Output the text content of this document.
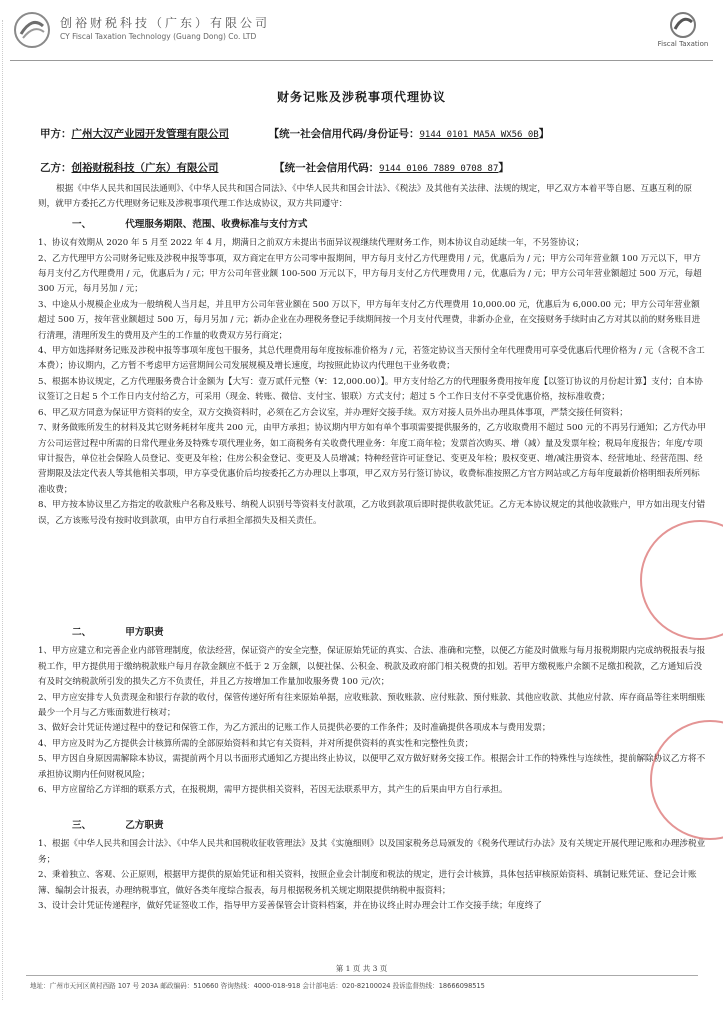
创裕财税科技（广东）有限公司
CY Fiscal Taxation Technology (Guang Dong) Co. LTD
Fiscal Taxation
财务记账及涉税事项代理协议
甲方：广州大汉产业园开发管理有限公司	【统一社会信用代码/身份证号：9144 0101 MA5A WX56 0B】
乙方：创裕财税科技（广东）有限公司	【统一社会信用代码：9144 0106 7889 0708 87】

根据《中华人民共和国民法通则》、《中华人民共和国合同法》、《中华人民共和国会计法》、《税法》及其他有关法律、法规的规定，甲乙双方本着平等自愿、互惠互利的原则，就甲方委托乙方代理财务记账及涉税事项代理工作达成协议，双方共同遵守：

一、	代理服务期限、范围、收费标准与支付方式

1、协议有效期从 2020 年 5 月至 2022 年 4 月，期满日之前双方未提出书面异议视继续代理财务工作，则本协议自动延续一年，不另签协议；

2、乙方代理甲方公司财务记账及涉税申报等事项，双方商定在甲方公司零申报期间，甲方每月支付乙方代理费用 / 元，优惠后为 / 元；甲方公司年营业额 100 万元以下，甲方每月支付乙方代理费用 / 元，优惠后为 / 元；甲方公司年营业额 100-500 万元以下，甲方每月支付乙方代理费用 / 元，优惠后为 / 元；甲方公司年营业额超过 500 万元，每超 300 万元，每月另加 / 元；

3、中途从小规模企业成为一般纳税人当月起，并且甲方公司年营业额在 500 万以下，甲方每年支付乙方代理费用 10,000.00 元，优惠后为 6,000.00 元；甲方公司年营业额超过 500 万，按年营业额超过 500 万，每月另加 / 元；新办企业在办理税务登记手续期间按一个月支付代理费，非新办企业，在交接财务手续时由乙方对其以前的财务账目进行清理，清理所发生的费用及产生的工作量的收费双方另行商定；

4、甲方如选择财务记账及涉税申报等事项年度包干服务，其总代理费用每年度按标准价格为 / 元，若签定协议当天预付全年代理费用可享受优惠后代理价格为 / 元（含税不含工本费）；协议期内，乙方暂不考虑甲方运营期间公司发展规模及增长速度，均按照此协议内代理包干业务收费；

5、根据本协议规定，乙方代理服务费合计金额为【大写：壹万贰仟元整（¥：12,000.00）】。甲方支付给乙方的代理服务费用按年度【以签订协议的月份起计算】支付；自本协议签订之日起 5 个工作日内支付给乙方，可采用（现金、转账、微信、支付宝、银联）方式支付；超过 5 个工作日支付不享受优惠价格，按标准收费；

6、甲乙双方同意为保证甲方资料的安全，双方交换资料时，必须在乙方会议室，并办理好交接手续。双方对接人员外出办理具体事项，严禁交接任何资料；

7、财务做账所发生的材料及其它财务耗材年度共 200 元，由甲方承担；协议期内甲方如有单个事项需要提供服务的，乙方收取费用不超过 500 元的不再另行通知；乙方代办甲方公司运营过程中所需的日常代理业务及特殊专项代理业务，如工商税务有关收费代理业务：年度工商年检；发票首次购买、增（减）量及发票年检；税局年度报告；年度/专项审计报告，单位社会保险人员登记、变更及年检；住房公积金登记、变更及人员增减；特种经营许可证登记、变更及年检；股权变更、增/减注册资本、经营地址、经营范围、经营期限及法定代表人等其他相关事项，甲方享受优惠价后均按委托乙方办理以上事项，甲乙双方另行签订协议，收费标准按照乙方官方网站或乙方每年度最新价格明细表所列标准收费；

8、甲方按本协议里乙方指定的收款账户名称及账号、纳税人识别号等资料支付款项，乙方收到款项后即时提供收款凭证。乙方无本协议规定的其他收款账户，甲方如出现支付错误，乙方该账号没有按时收到款项，由甲方自行承担全部损失及相关责任。

二、	甲方职责

1、甲方应建立和完善企业内部管理制度，依法经营，保证资产的安全完整，保证原始凭证的真实、合法、准确和完整，以便乙方能及时做账与每月报税期限内完成纳税报表与报税工作，甲方提供用于缴纳税款账户每月存款金额应不低于 2 万金额，以便社保、公积金、税款及政府部门相关税费的扣划。若甲方缴税账户余额不足缴扣税款，乙方通知后没有及时交纳税款所引发的损失乙方不负责任，并且乙方按增加工作量加收服务费 100 元/次；

2、甲方应安排专人负责现金和银行存款的收付，保管传递好所有往来原始单据，应收账款、预收账款、应付账款、预付账款、其他应收款、其他应付款、库存商品等往来明细账最少一个月与乙方账面数进行核对；

3、做好会计凭证传递过程中的登记和保管工作，为乙方派出的记账工作人员提供必要的工作条件；及时准确提供各项成本与费用发票；

4、甲方应及时为乙方提供会计核算所需的全部原始资料和其它有关资料，并对所提供资料的真实性和完整性负责；

5、甲方因自身原因需解除本协议，需提前两个月以书面形式通知乙方提出终止协议，以便甲乙双方做好财务交接工作。根据会计工作的特殊性与连续性，提前解除协议乙方将不承担协议期内任何财税风险；

6、甲方应留给乙方详细的联系方式，在报税期，需甲方提供相关资料，若因无法联系甲方，其产生的后果由甲方自行承担。

三、	乙方职责

1、根据《中华人民共和国会计法》、《中华人民共和国税收征收管理法》及其《实施细则》以及国家税务总局颁发的《税务代理试行办法》及有关规定开展代理记账和办理涉税业务；

2、秉着独立、客观、公正原则，根据甲方提供的原始凭证和相关资料，按照企业会计制度和税法的规定，进行会计核算，具体包括审核原始资料、填制记账凭证、登记会计账簿、编制会计报表，办理纳税事宜，做好各类年度综合报表，每月根据税务机关规定期限提供纳税申报资料；

3、设计会计凭证传递程序，做好凭证签收工作，指导甲方妥善保管会计资料档案，并在协议终止时办理会计工作交接手续；年度终了

第 1 页 共 3 页
地址：广州市天河区黄村西路 107 号 203A 邮政编码：510660 咨询热线：4000-018-918 会计部电话：020-82100024 投诉监督热线：18666098515
